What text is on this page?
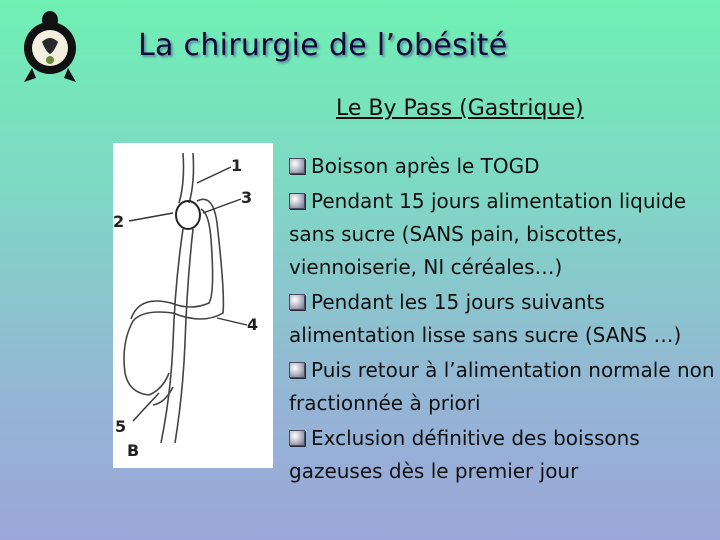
La chirurgie de l’obésité
Le By Pass (Gastrique)
1
2
3
4
5
B
Boisson après le TOGD
Pendant 15 jours alimentation liquide sans sucre (SANS pain, biscottes, viennoiserie, NI céréales…)
Pendant les 15 jours suivants alimentation lisse sans sucre (SANS …)
Puis retour à l’alimentation normale non fractionnée à priori
Exclusion définitive des boissons gazeuses dès le premier jour
